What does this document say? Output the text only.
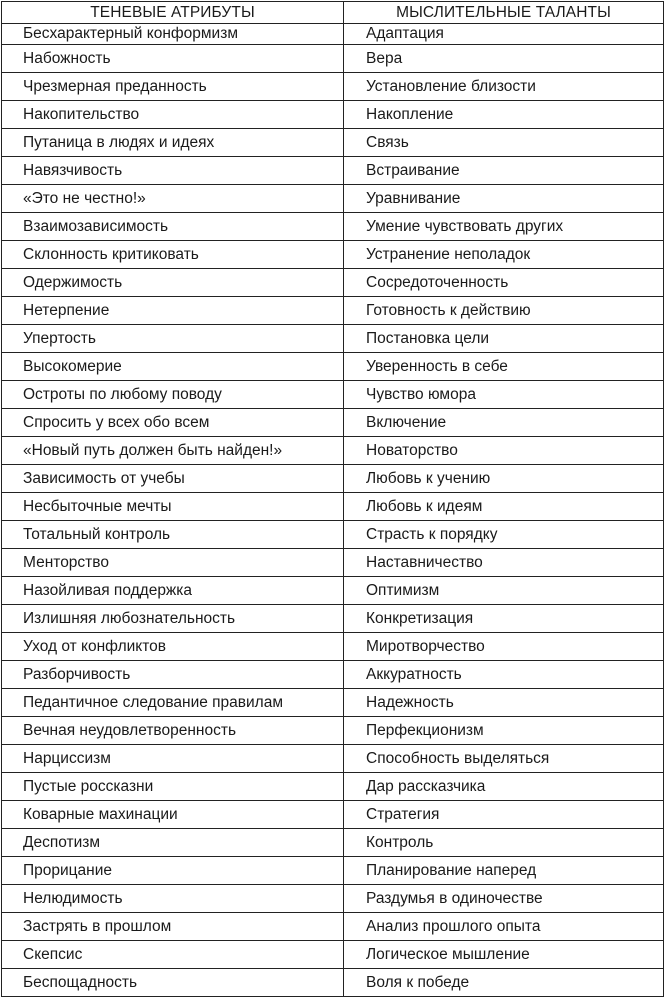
ТЕНЕВЫЕ АТРИБУТЫ	МЫСЛИТЕЛЬНЫЕ ТАЛАНТЫ
Бесхарактерный конформизм	Адаптация
Набожность	Вера
Чрезмерная преданность	Установление близости
Накопительство	Накопление
Путаница в людях и идеях	Связь
Навязчивость	Встраивание
«Это не честно!»	Уравнивание
Взаимозависимость	Умение чувствовать других
Склонность критиковать	Устранение неполадок
Одержимость	Сосредоточенность
Нетерпение	Готовность к действию
Упертость	Постановка цели
Высокомерие	Уверенность в себе
Остроты по любому поводу	Чувство юмора
Спросить у всех обо всем	Включение
«Новый путь должен быть найден!»	Новаторство
Зависимость от учебы	Любовь к учению
Несбыточные мечты	Любовь к идеям
Тотальный контроль	Страсть к порядку
Менторство	Наставничество
Назойливая поддержка	Оптимизм
Излишняя любознательность	Конкретизация
Уход от конфликтов	Миротворчество
Разборчивость	Аккуратность
Педантичное следование правилам	Надежность
Вечная неудовлетворенность	Перфекционизм
Нарциссизм	Способность выделяться
Пустые россказни	Дар рассказчика
Коварные махинации	Стратегия
Деспотизм	Контроль
Прорицание	Планирование наперед
Нелюдимость	Раздумья в одиночестве
Застрять в прошлом	Анализ прошлого опыта
Скепсис	Логическое мышление
Беспощадность	Воля к победе
